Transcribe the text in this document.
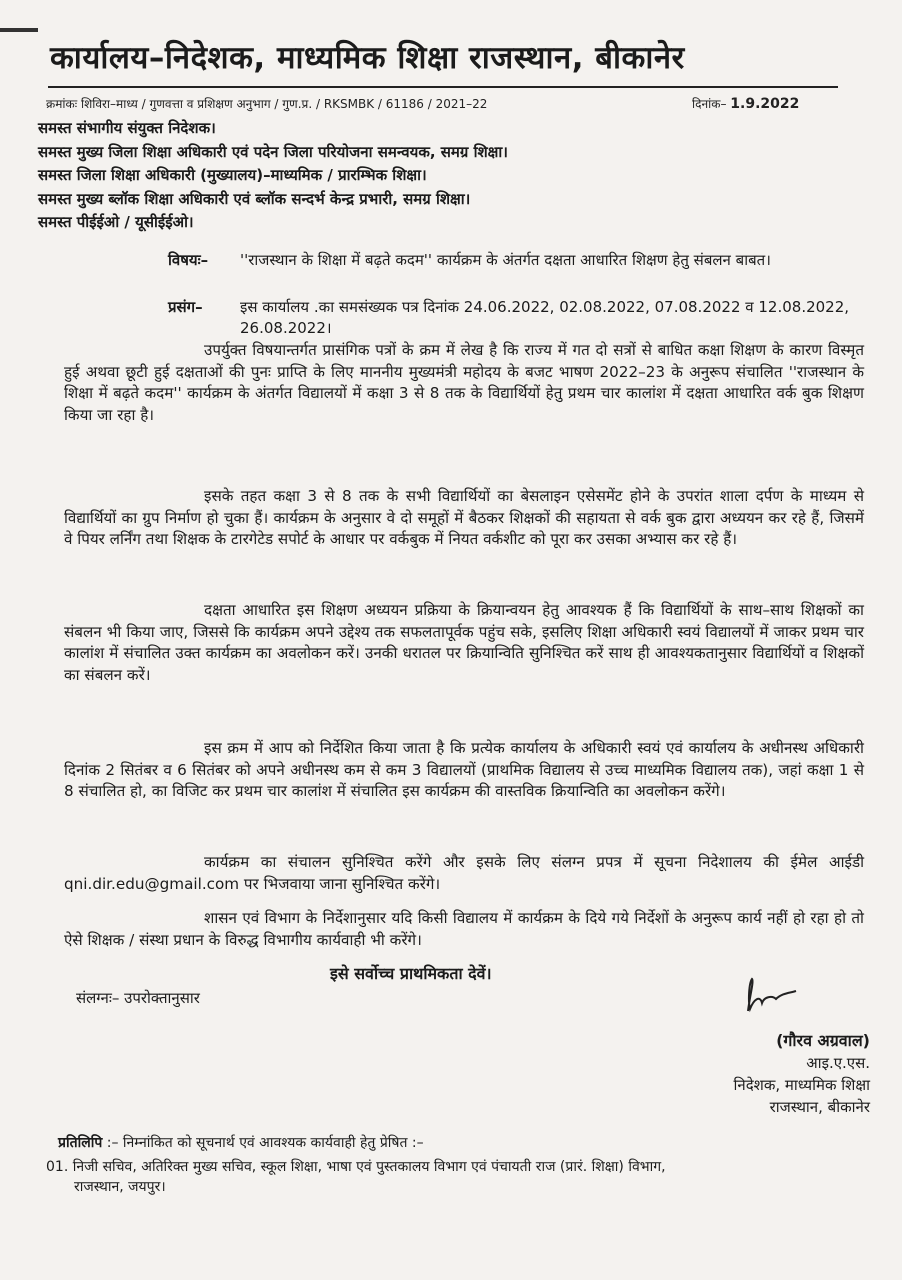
कार्यालय–निदेशक, माध्यमिक शिक्षा राजस्थान, बीकानेर
क्रमांकः शिविरा–माध्य / गुणवत्ता व प्रशिक्षण अनुभाग / गुण.प्र. / RKSMBK / 61186 / 2021–22	दिनांक– 1.9.2022
समस्त संभागीय संयुक्त निदेशक।
समस्त मुख्य जिला शिक्षा अधिकारी एवं पदेन जिला परियोजना समन्वयक, समग्र शिक्षा।
समस्त जिला शिक्षा अधिकारी (मुख्यालय)–माध्यमिक / प्रारम्भिक शिक्षा।
समस्त मुख्य ब्लॉक शिक्षा अधिकारी एवं ब्लॉक सन्दर्भ केन्द्र प्रभारी, समग्र शिक्षा।
समस्त पीईईओ / यूसीईईओ।
विषयः–	''राजस्थान के शिक्षा में बढ़ते कदम'' कार्यक्रम के अंतर्गत दक्षता आधारित शिक्षण हेतु संबलन बाबत।
प्रसंग–	इस कार्यालय .का समसंख्यक पत्र दिनांक 24.06.2022, 02.08.2022, 07.08.2022 व 12.08.2022, 26.08.2022।
उपर्युक्त विषयान्तर्गत प्रासंगिक पत्रों के क्रम में लेख है कि राज्य में गत दो सत्रों से बाधित कक्षा शिक्षण के कारण विस्मृत हुई अथवा छूटी हुई दक्षताओं की पुनः प्राप्ति के लिए माननीय मुख्यमंत्री महोदय के बजट भाषण 2022–23 के अनुरूप संचालित ''राजस्थान के शिक्षा में बढ़ते कदम'' कार्यक्रम के अंतर्गत विद्यालयों में कक्षा 3 से 8 तक के विद्यार्थियों हेतु प्रथम चार कालांश में दक्षता आधारित वर्क बुक शिक्षण किया जा रहा है।
इसके तहत कक्षा 3 से 8 तक के सभी विद्यार्थियों का बेसलाइन एसेसमेंट होने के उपरांत शाला दर्पण के माध्यम से विद्यार्थियों का ग्रुप निर्माण हो चुका हैं। कार्यक्रम के अनुसार वे दो समूहों में बैठकर शिक्षकों की सहायता से वर्क बुक द्वारा अध्ययन कर रहे हैं, जिसमें वे पियर लर्निंग तथा शिक्षक के टारगेटेड सपोर्ट के आधार पर वर्कबुक में नियत वर्कशीट को पूरा कर उसका अभ्यास कर रहे हैं।
दक्षता आधारित इस शिक्षण अध्ययन प्रक्रिया के क्रियान्वयन हेतु आवश्यक हैं कि विद्यार्थियों के साथ–साथ शिक्षकों का संबलन भी किया जाए, जिससे कि कार्यक्रम अपने उद्देश्य तक सफलतापूर्वक पहुंच सके, इसलिए शिक्षा अधिकारी स्वयं विद्यालयों में जाकर प्रथम चार कालांश में संचालित उक्त कार्यक्रम का अवलोकन करें। उनकी धरातल पर क्रियान्विति सुनिश्चित करें साथ ही आवश्यकतानुसार विद्यार्थियों व शिक्षकों का संबलन करें।
इस क्रम में आप को निर्देशित किया जाता है कि प्रत्येक कार्यालय के अधिकारी स्वयं एवं कार्यालय के अधीनस्थ अधिकारी दिनांक 2 सितंबर व 6 सितंबर को अपने अधीनस्थ कम से कम 3 विद्यालयों (प्राथमिक विद्यालय से उच्च माध्यमिक विद्यालय तक), जहां कक्षा 1 से 8 संचालित हो, का विजिट कर प्रथम चार कालांश में संचालित इस कार्यक्रम की वास्तविक क्रियान्विति का अवलोकन करेंगे।
कार्यक्रम का संचालन सुनिश्चित करेंगे और इसके लिए संलग्न प्रपत्र में सूचना निदेशालय की ईमेल आईडी qni.dir.edu@gmail.com पर भिजवाया जाना सुनिश्चित करेंगे।
शासन एवं विभाग के निर्देशानुसार यदि किसी विद्यालय में कार्यक्रम के दिये गये निर्देशों के अनुरूप कार्य नहीं हो रहा हो तो ऐसे शिक्षक / संस्था प्रधान के विरुद्ध विभागीय कार्यवाही भी करेंगे।
इसे सर्वोच्च प्राथमिकता देवें।
संलग्नः– उपरोक्तानुसार
(गौरव अग्रवाल)
आइ.ए.एस.
निदेशक, माध्यमिक शिक्षा
राजस्थान, बीकानेर
प्रतिलिपि :– निम्नांकित को सूचनार्थ एवं आवश्यक कार्यवाही हेतु प्रेषित :–
01. निजी सचिव, अतिरिक्त मुख्य सचिव, स्कूल शिक्षा, भाषा एवं पुस्तकालय विभाग एवं पंचायती राज (प्रारं. शिक्षा) विभाग,
राजस्थान, जयपुर।
